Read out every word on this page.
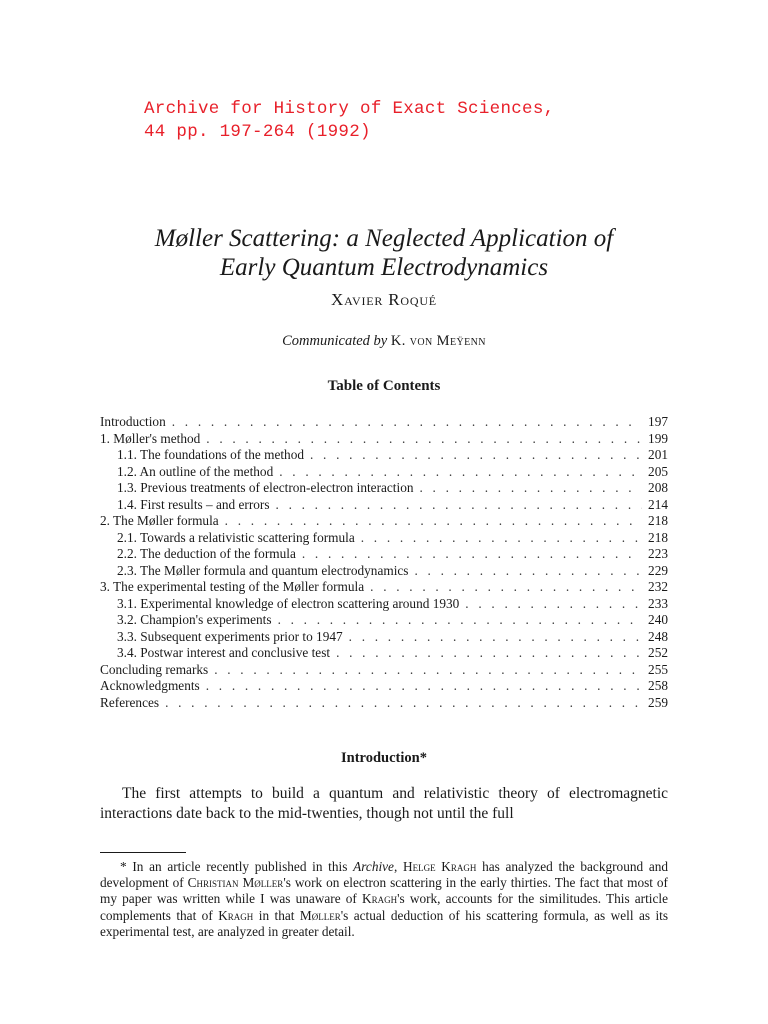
Archive for History of Exact Sciences,
44 pp. 197-264 (1992)
Møller Scattering: a Neglected Application of
Early Quantum Electrodynamics
Xavier Roqué
Communicated by K. von Meÿenn
Table of Contents
Introduction . . .	197
1. Møller's method . . .	199
1.1. The foundations of the method . . .	201
1.2. An outline of the method . . .	205
1.3. Previous treatments of electron-electron interaction . . .	208
1.4. First results – and errors . . .	214
2. The Møller formula . . .	218
2.1. Towards a relativistic scattering formula . . .	218
2.2. The deduction of the formula . . .	223
2.3. The Møller formula and quantum electrodynamics . . .	229
3. The experimental testing of the Møller formula . . .	232
3.1. Experimental knowledge of electron scattering around 1930 . . .	233
3.2. Champion's experiments . . .	240
3.3. Subsequent experiments prior to 1947 . . .	248
3.4. Postwar interest and conclusive test . . .	252
Concluding remarks . . .	255
Acknowledgments . . .	258
References . . .	259
Introduction*
The first attempts to build a quantum and relativistic theory of electromagnetic interactions date back to the mid-twenties, though not until the full
* In an article recently published in this Archive, Helge Kragh has analyzed the background and development of Christian Møller's work on electron scattering in the early thirties. The fact that most of my paper was written while I was unaware of Kragh's work, accounts for the similitudes. This article complements that of Kragh in that Møller's actual deduction of his scattering formula, as well as its experimental test, are analyzed in greater detail.
